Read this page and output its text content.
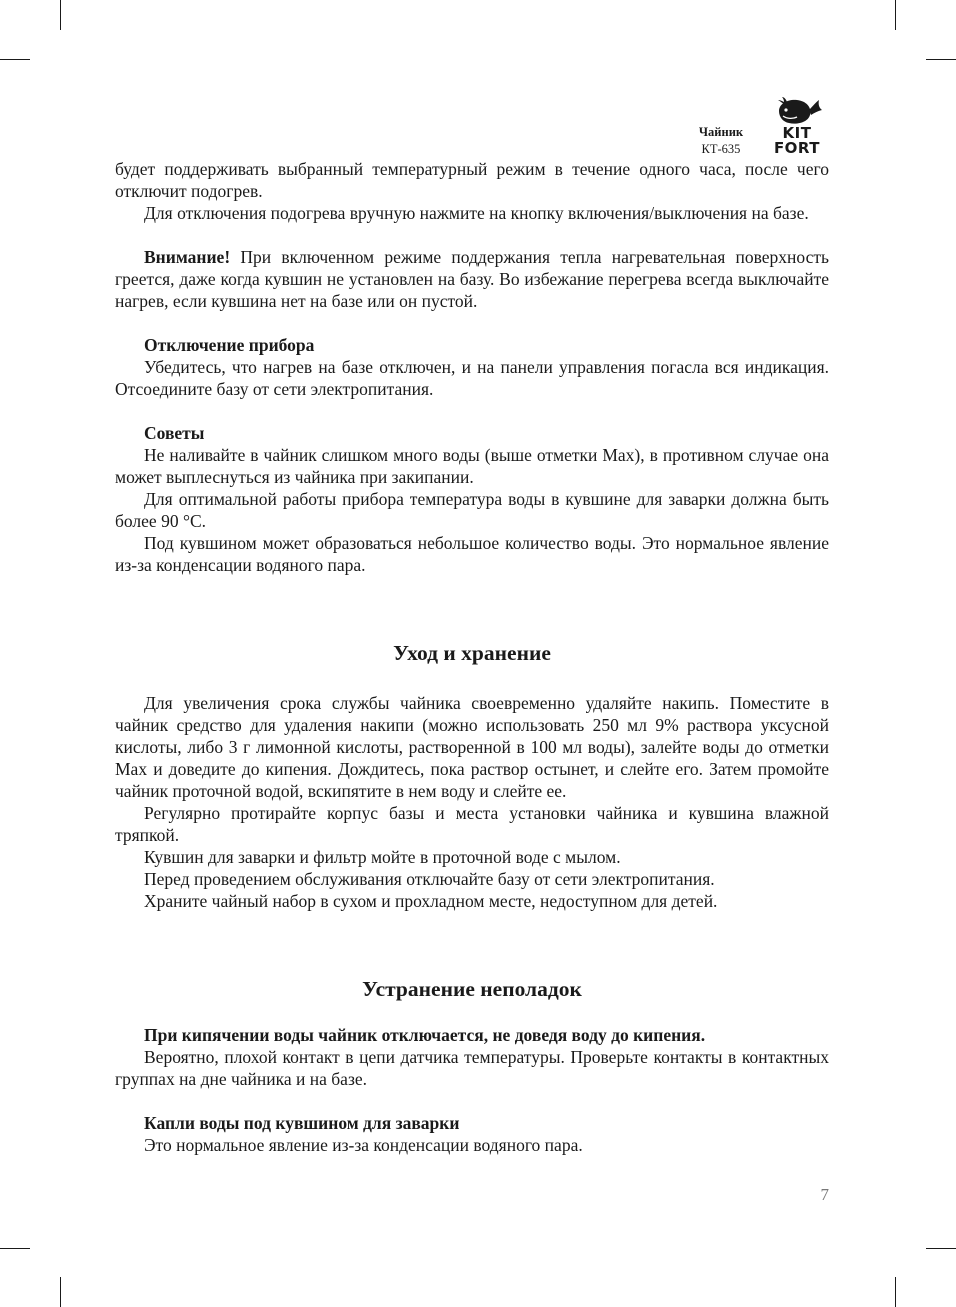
Чайник
КТ-635
KIT
FORT

будет поддерживать выбранный температурный режим в течение одного часа, после чего отключит подогрев.

Для отключения подогрева вручную нажмите на кнопку включения/выключения на базе.

Внимание! При включенном режиме поддержания тепла нагревательная поверхность греется, даже когда кувшин не установлен на базу. Во избежание перегрева всегда выключайте нагрев, если кувшина нет на базе или он пустой.

Отключение прибора

Убедитесь, что нагрев на базе отключен, и на панели управления погасла вся индикация. Отсоедините базу от сети электропитания.

Советы

Не наливайте в чайник слишком много воды (выше отметки Max), в противном случае она может выплеснуться из чайника при закипании.

Для оптимальной работы прибора температура воды в кувшине для заварки должна быть более 90 °C.

Под кувшином может образоваться небольшое количество воды. Это нормальное явление из-за конденсации водяного пара.

Уход и хранение

Для увеличения срока службы чайника своевременно удаляйте накипь. Поместите в чайник средство для удаления накипи (можно использовать 250 мл 9% раствора уксусной кислоты, либо 3 г лимонной кислоты, растворенной в 100 мл воды), залейте воды до отметки Max и доведите до кипения. Дождитесь, пока раствор остынет, и слейте его. Затем промойте чайник проточной водой, вскипятите в нем воду и слейте ее.

Регулярно протирайте корпус базы и места установки чайника и кувшина влажной тряпкой.

Кувшин для заварки и фильтр мойте в проточной воде с мылом.

Перед проведением обслуживания отключайте базу от сети электропитания.

Храните чайный набор в сухом и прохладном месте, недоступном для детей.

Устранение неполадок
При кипячении воды чайник отключается, не доведя воду до кипения.

Вероятно, плохой контакт в цепи датчика температуры. Проверьте контакты в контактных группах на дне чайника и на базе.

Капли воды под кувшином для заварки

Это нормальное явление из-за конденсации водяного пара.

7
